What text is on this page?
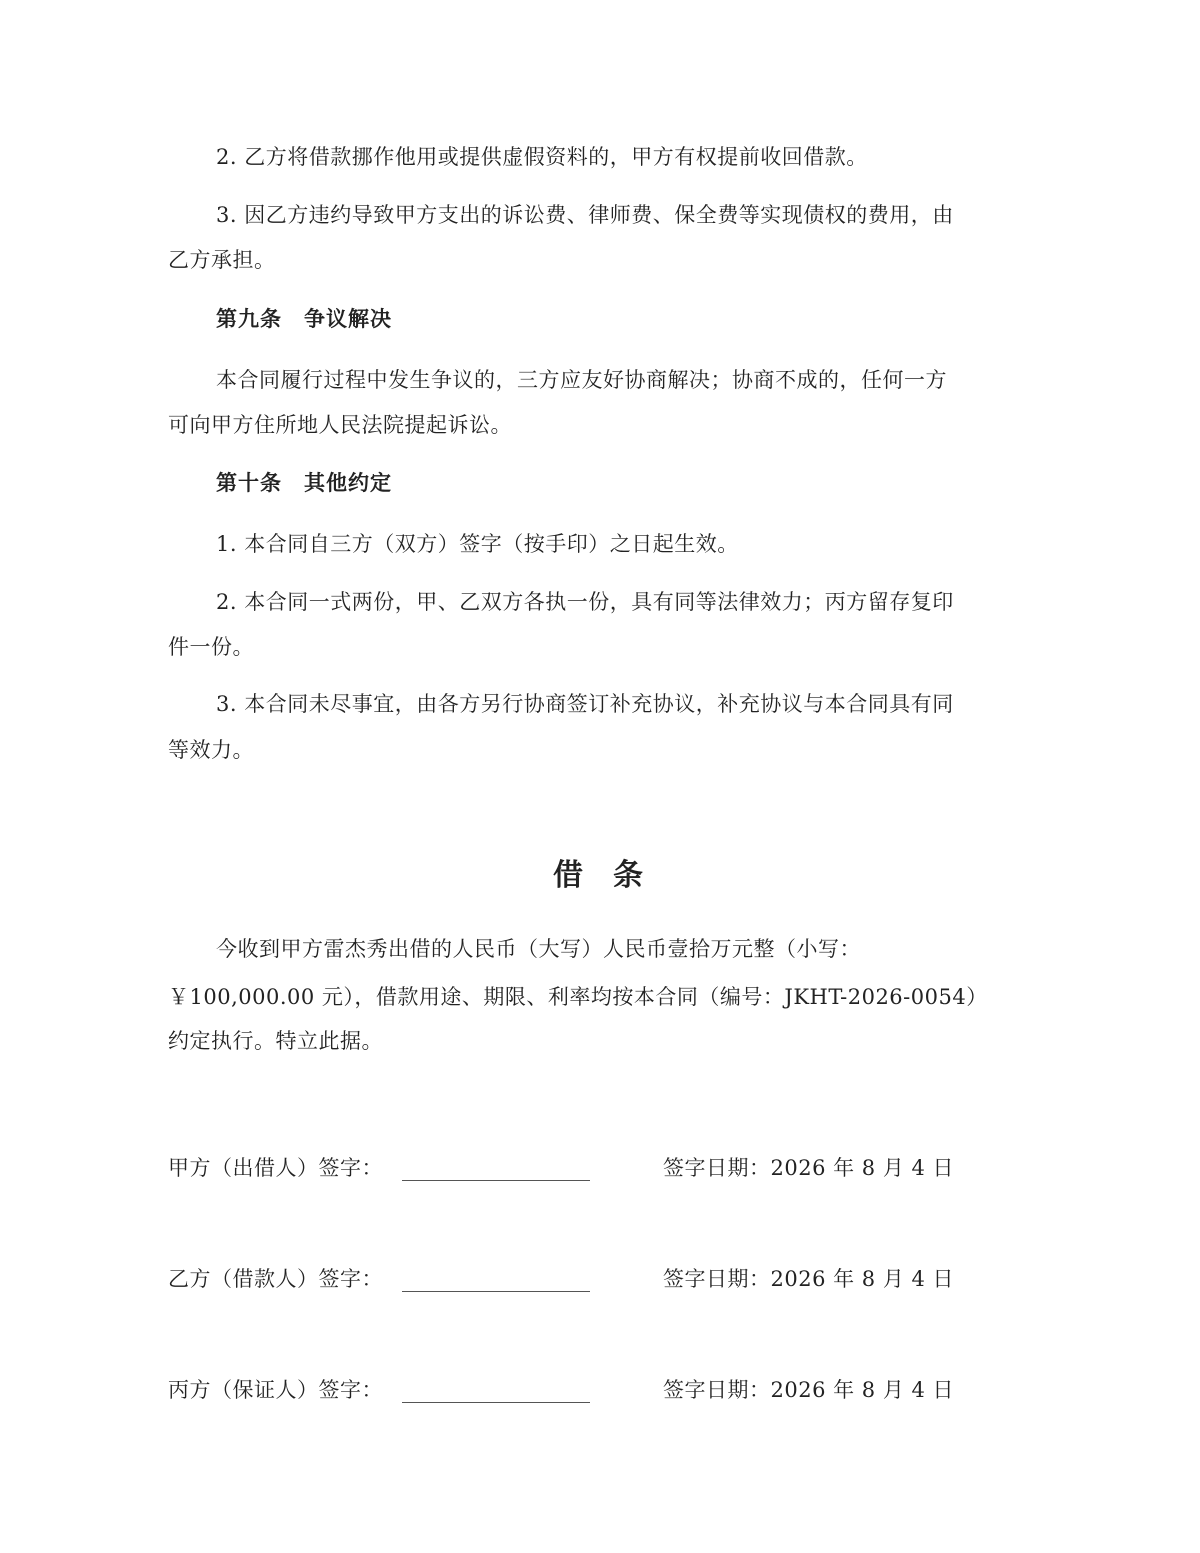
2. 乙方将借款挪作他用或提供虚假资料的，甲方有权提前收回借款。
3. 因乙方违约导致甲方支出的诉讼费、律师费、保全费等实现债权的费用，由
乙方承担。
第九条　争议解决
本合同履行过程中发生争议的，三方应友好协商解决；协商不成的，任何一方
可向甲方住所地人民法院提起诉讼。
第十条　其他约定
1. 本合同自三方（双方）签字（按手印）之日起生效。
2. 本合同一式两份，甲、乙双方各执一份，具有同等法律效力；丙方留存复印
件一份。
3. 本合同未尽事宜，由各方另行协商签订补充协议，补充协议与本合同具有同
等效力。
借 条
今收到甲方雷杰秀出借的人民币（大写）人民币壹拾万元整（小写：
￥100,000.00 元），借款用途、期限、利率均按本合同（编号：JKHT-2026-0054）
约定执行。特立此据。
甲方（出借人）签字：	签字日期：2026 年 8 月 4 日
乙方（借款人）签字：	签字日期：2026 年 8 月 4 日
丙方（保证人）签字：	签字日期：2026 年 8 月 4 日
